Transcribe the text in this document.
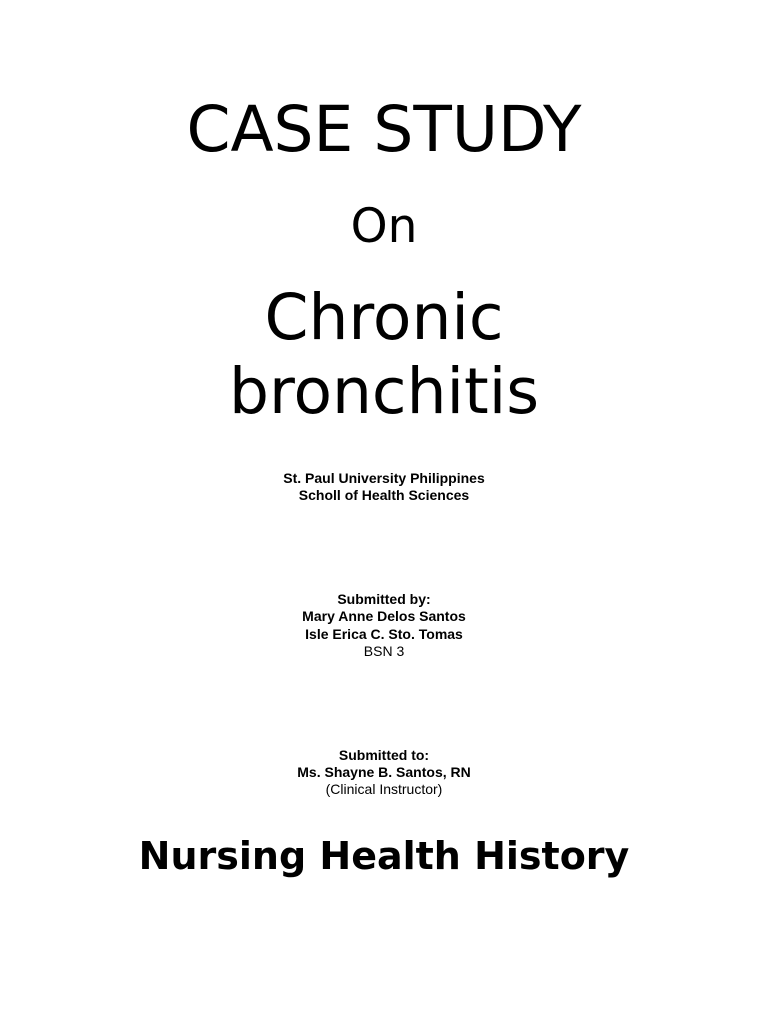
CASE STUDY
On
Chronic
bronchitis
St. Paul University Philippines
Scholl of Health Sciences
Submitted by:
Mary Anne Delos Santos
Isle Erica C. Sto. Tomas
BSN 3
Submitted to:
Ms. Shayne B. Santos, RN
(Clinical Instructor)
Nursing Health History
